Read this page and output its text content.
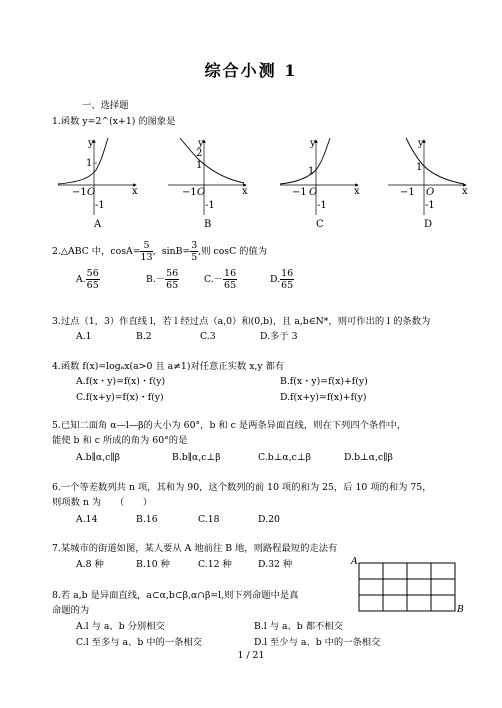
综合小测 1
一、选择题
1.函数 y=2^(x+1) 的图象是
x
y
1
O
−1
-1
A
x
y
2
1
O
−1
-1
B
x
y
1
O
−1
-1
C
x
y
1
O
−1
-1
D
2.△ABC 中，$\cos A= \frac{5}{13}$ ，$\sin B= \frac{3}{5}$ ,则 cosC 的值为
A. $\frac{56}{65}$	$B.- \frac{56}{65}$	$C.- \frac{16}{65}$	D. $\frac{16}{65}$
3.过点（1，3）作直线 l，若 l 经过点（a,0）和(0,b)，且 a,b∈N*，则可作出的 l 的条数为
A.1	B.2	C.3	D.多于 3
4.函数 f(x)=logₐx(a>0 且 a≠1)对任意正实数 x,y 都有
A.f(x・y)=f(x)・f(y)	B.f(x・y)=f(x)+f(y)
C.f(x+y)=f(x)・f(y)	D.f(x+y)=f(x)+f(y)
5.已知二面角 α—l—β的大小为 60°，b 和 c 是两条异面直线，则在下列四个条件中，
能使 b 和 c 所成的角为 60°的是
A.b∥α,c∥β	B.b∥α,c⊥β	C.b⊥α,c⊥β	D.b⊥α,c∥β
6.一个等差数列共 n 项，其和为 90，这个数列的前 10 项的和为 25，后 10 项的和为 75，
则项数 n 为　　（　　）
A.14	B.16	C.18	D.20
7.某城市的街道如图，某人要从 A 地前往 B 地，则路程最短的走法有
A.8 种	B.10 种	C.12 种	D.32 种	A
B
8.若 a,b 是异面直线，a⊂α,b⊂β,α∩β=l,则下列命题中是真
命题的为
A.l 与 a、b 分别相交	B.l 与 a、b 都不相交
C.l 至多与 a、b 中的一条相交	D.l 至少与 a、b 中的一条相交
1 / 21
